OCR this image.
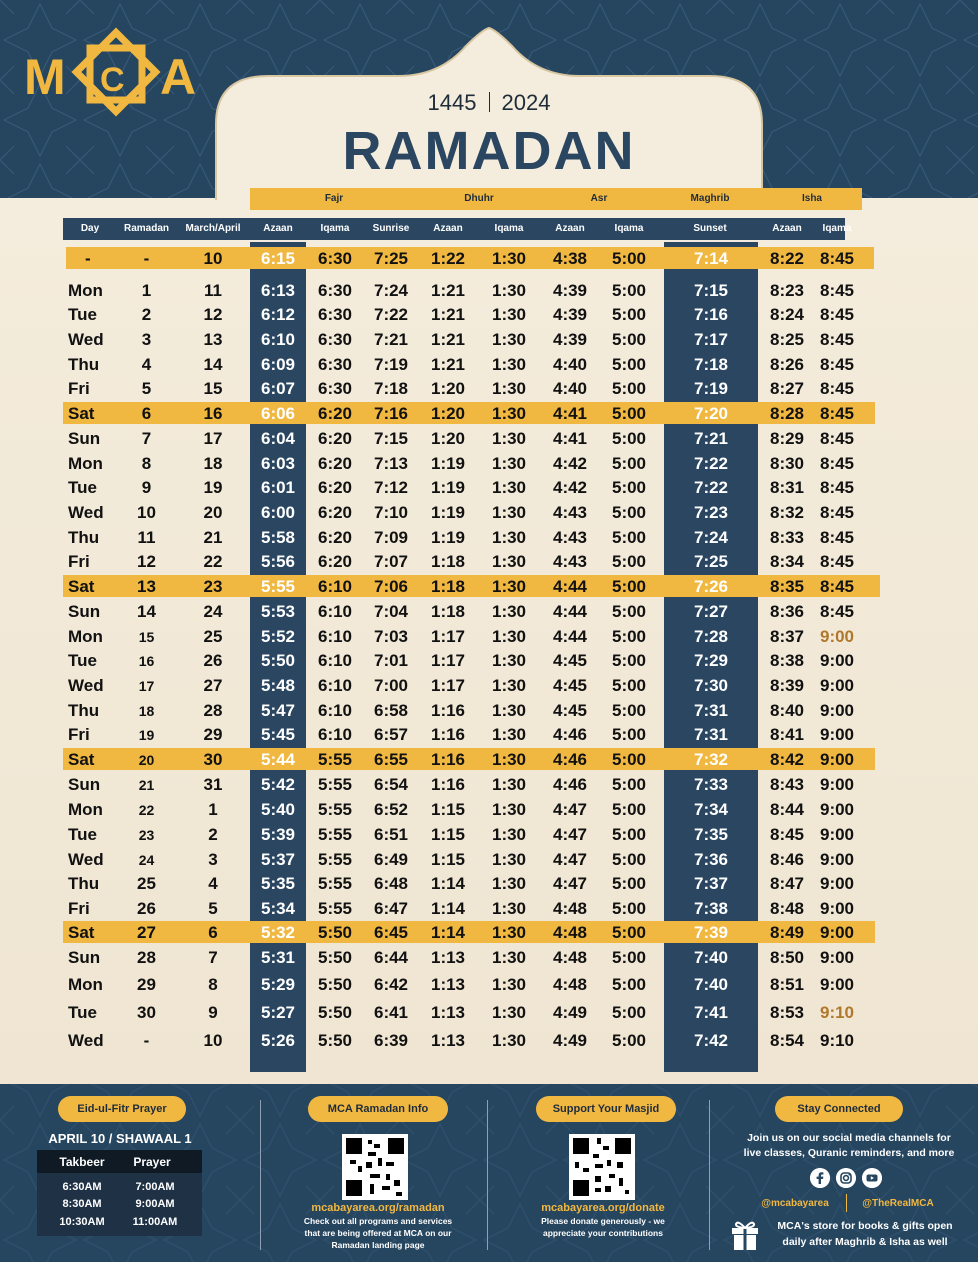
M C A	1445 2024
RAMADAN
Fajr	Dhuhr	Asr	Maghrib	Isha
Day	Ramadan	March/April	Azaan	Iqama	Sunrise	Azaan	Iqama	Azaan	Iqama	Sunset	Azaan	Iqama
-	-	10	6:15	6:30	7:25	1:22	1:30	4:38	5:00	7:14	8:22 8:45
Mon	1	11	6:13	6:30	7:24	1:21	1:30	4:39	5:00	7:15	8:23 8:45
Tue	2	12	6:12	6:30	7:22	1:21	1:30	4:39	5:00	7:16	8:24 8:45
Wed	3	13	6:10	6:30	7:21	1:21	1:30	4:39	5:00	7:17	8:25 8:45
Thu	4	14	6:09	6:30	7:19	1:21	1:30	4:40	5:00	7:18	8:26 8:45
Fri	5	15	6:07	6:30	7:18	1:20	1:30	4:40	5:00	7:19	8:27 8:45
Sat	6	16	6:06	6:20	7:16	1:20	1:30	4:41	5:00	7:20	8:28 8:45
Sun	7	17	6:04	6:20	7:15	1:20	1:30	4:41	5:00	7:21	8:29 8:45
Mon	8	18	6:03	6:20	7:13	1:19	1:30	4:42	5:00	7:22	8:30 8:45
Tue	9	19	6:01	6:20	7:12	1:19	1:30	4:42	5:00	7:22	8:31 8:45
Wed	10	20	6:00	6:20	7:10	1:19	1:30	4:43	5:00	7:23	8:32 8:45
Thu	11	21	5:58	6:20	7:09	1:19	1:30	4:43	5:00	7:24	8:33 8:45
Fri	12	22	5:56	6:20	7:07	1:18	1:30	4:43	5:00	7:25	8:34 8:45
Sat	13	23	5:55	6:10	7:06	1:18	1:30	4:44	5:00	7:26	8:35 8:45
Sun	14	24	5:53	6:10	7:04	1:18	1:30	4:44	5:00	7:27	8:36 8:45
Mon	15	25	5:52	6:10	7:03	1:17	1:30	4:44	5:00	7:28	8:37 9:00
Tue	16	26	5:50	6:10	7:01	1:17	1:30	4:45	5:00	7:29	8:38 9:00
Wed	17	27	5:48	6:10	7:00	1:17	1:30	4:45	5:00	7:30	8:39 9:00
Thu	18	28	5:47	6:10	6:58	1:16	1:30	4:45	5:00	7:31	8:40 9:00
Fri	19	29	5:45	6:10	6:57	1:16	1:30	4:46	5:00	7:31	8:41 9:00
Sat	20	30	5:44	5:55	6:55	1:16	1:30	4:46	5:00	7:32	8:42 9:00
Sun	21	31	5:42	5:55	6:54	1:16	1:30	4:46	5:00	7:33	8:43 9:00
Mon	22	1	5:40	5:55	6:52	1:15	1:30	4:47	5:00	7:34	8:44 9:00
Tue	23	2	5:39	5:55	6:51	1:15	1:30	4:47	5:00	7:35	8:45 9:00
Wed	24	3	5:37	5:55	6:49	1:15	1:30	4:47	5:00	7:36	8:46 9:00
Thu	25	4	5:35	5:55	6:48	1:14	1:30	4:47	5:00	7:37	8:47 9:00
Fri	26	5	5:34	5:55	6:47	1:14	1:30	4:48	5:00	7:38	8:48 9:00
Sat	27	6	5:32	5:50	6:45	1:14	1:30	4:48	5:00	7:39	8:49 9:00
Sun	28	7	5:31	5:50	6:44	1:13	1:30	4:48	5:00	7:40	8:50 9:00
Mon	29	8	5:29	5:50	6:42	1:13	1:30	4:48	5:00	7:40	8:51 9:00
Tue	30	9	5:27	5:50	6:41	1:13	1:30	4:49	5:00	7:41	8:53 9:10
Wed	-	10	5:26	5:50	6:39	1:13	1:30	4:49	5:00	7:42	8:54 9:10
Eid-ul-Fitr Prayer
APRIL 10 / SHAWAAL 1
Takbeer	Prayer
6:30AM	7:00AM
8:30AM	9:00AM
10:30AM	11:00AM
MCA Ramadan Info
mcabayarea.org/ramadan
Check out all programs and services
that are being offered at MCA on our
Ramadan landing page
Support Your Masjid
mcabayarea.org/donate
Please donate generously - we
appreciate your contributions
Stay Connected
Join us on our social media channels for
live classes, Quranic reminders, and more
@mcabayarea	@TheRealMCA
MCA's store for books & gifts open
daily after Maghrib & Isha as well
